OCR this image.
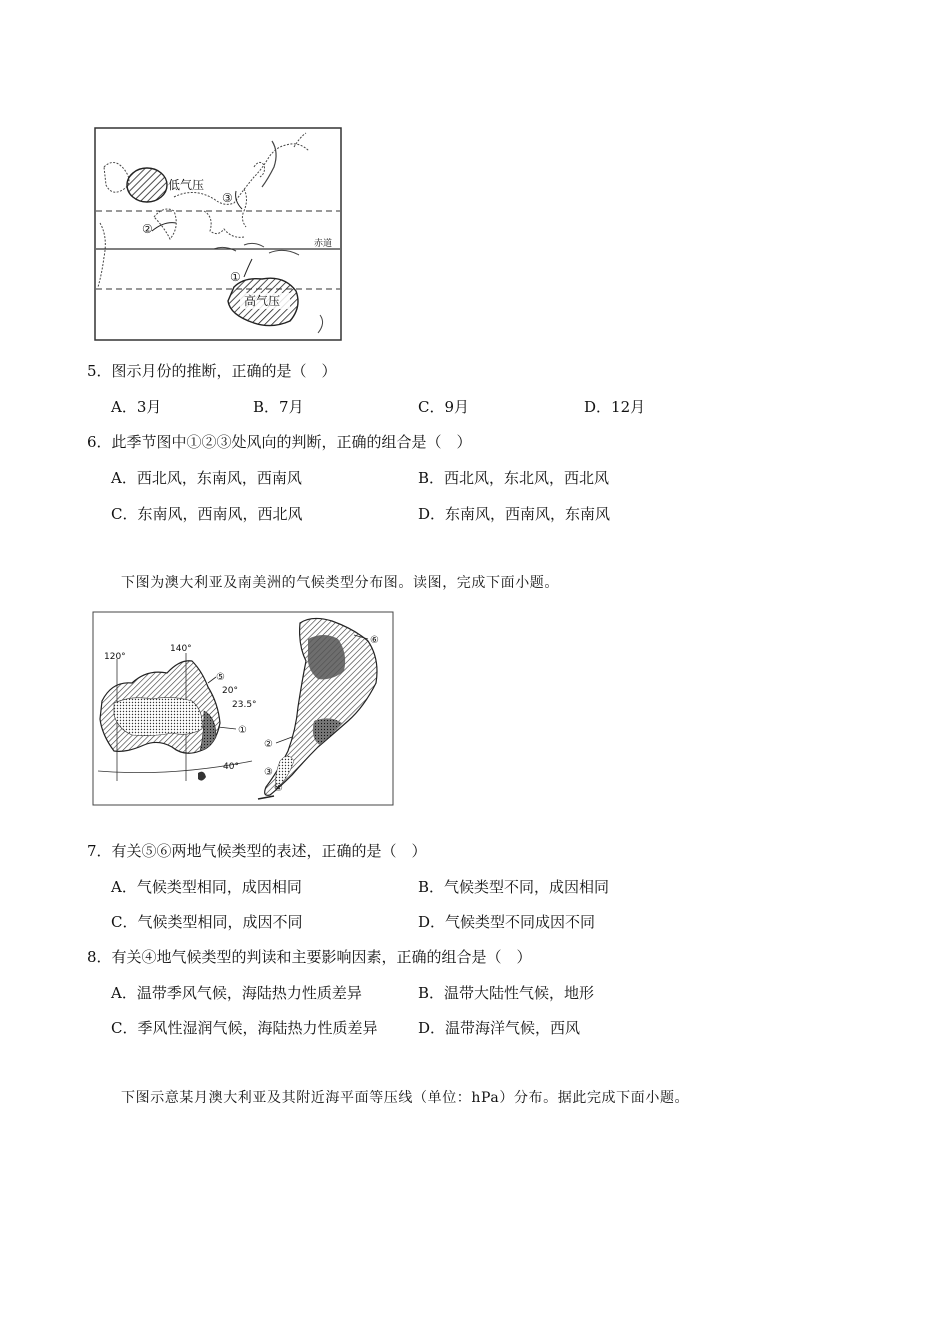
低气压
高气压
赤道
③
②
①
5．图示月份的推断，正确的是（　）
A．3月	B．7月	C．9月	D．12月
6．此季节图中①②③处风向的判断，正确的组合是（　）
A．西北风，东南风，西南风	B．西北风，东北风，西北风
C．东南风，西南风，西北风	D．东南风，西南风，东南风
下图为澳大利亚及南美洲的气候类型分布图。读图，完成下面小题。
120°
140°
20°
23.5°
40°
⑤
①
⑥
②
③
④
7．有关⑤⑥两地气候类型的表述，正确的是（　）
A．气候类型相同，成因相同	B．气候类型不同，成因相同
C．气候类型相同，成因不同	D．气候类型不同成因不同
8．有关④地气候类型的判读和主要影响因素，正确的组合是（　）
A．温带季风气候，海陆热力性质差异	B．温带大陆性气候，地形
C．季风性湿润气候，海陆热力性质差异	D．温带海洋气候，西风
下图示意某月澳大利亚及其附近海平面等压线（单位：hPa）分布。据此完成下面小题。
